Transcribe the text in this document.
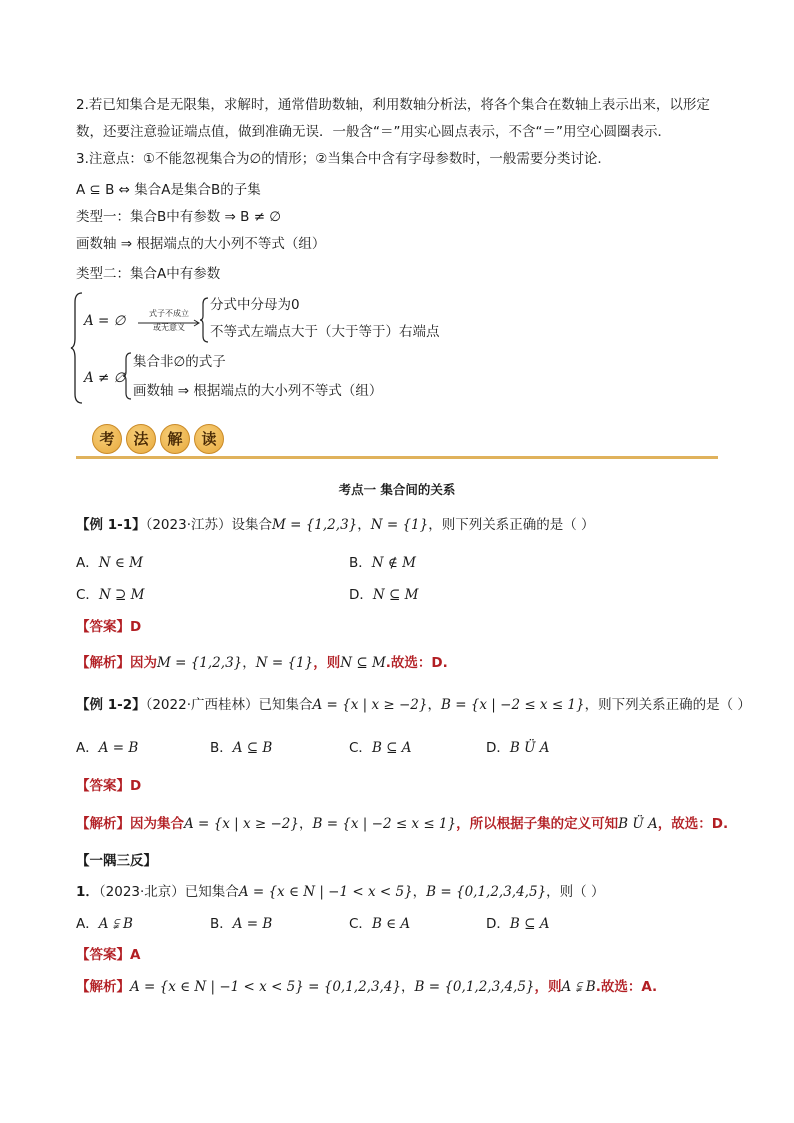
2.若已知集合是无限集，求解时，通常借助数轴，利用数轴分析法，将各个集合在数轴上表示出来，以形定
数，还要注意验证端点值，做到准确无误．一般含“＝”用实心圆点表示，不含“＝”用空心圆圈表示．
3.注意点：①不能忽视集合为∅的情形；②当集合中含有字母参数时，一般需要分类讨论.
A ⊆ B ⇔ 集合A是集合B的子集
类型一：集合B中有参数 ⇒ B ≠ ∅
画数轴 ⇒ 根据端点的大小列不等式（组）
类型二：集合A中有参数
A = ∅	式子不成立
或无意义
分式中分母为0
不等式左端点大于（大于等于）右端点
A ≠ ∅
集合非∅的式子
画数轴 ⇒ 根据端点的大小列不等式（组）
考	法	解	读
考点一 集合间的关系
【例 1-1】（2023·江苏）设集合M = {1,2,3}，N = {1}，则下列关系正确的是（ ）
A．N ∈ M	B．N ∉ M
C．N ⊇ M	D．N ⊆ M
【答案】D
【解析】因为M = {1,2,3}，N = {1}，则N ⊆ M.故选：D.
【例 1-2】（2022·广西桂林）已知集合A = {x | x ≥ −2}，B = {x | −2 ≤ x ≤ 1}，则下列关系正确的是（ ）
A．A = B	B．A ⊆ B	C．B ⊆ A	D．B Ü A
【答案】D
【解析】因为集合A = {x | x ≥ −2}，B = {x | −2 ≤ x ≤ 1}，所以根据子集的定义可知B Ü A，故选：D.
【一隅三反】
1．（2023·北京）已知集合A = {x ∈ N | −1 < x < 5}，B = {0,1,2,3,4,5}，则（ ）
A．A ⫋ B	B．A = B	C．B ∈ A	D．B ⊆ A
【答案】A
【解析】A = {x ∈ N | −1 < x < 5} = {0,1,2,3,4}，B = {0,1,2,3,4,5}，则A ⫋ B.故选：A.
